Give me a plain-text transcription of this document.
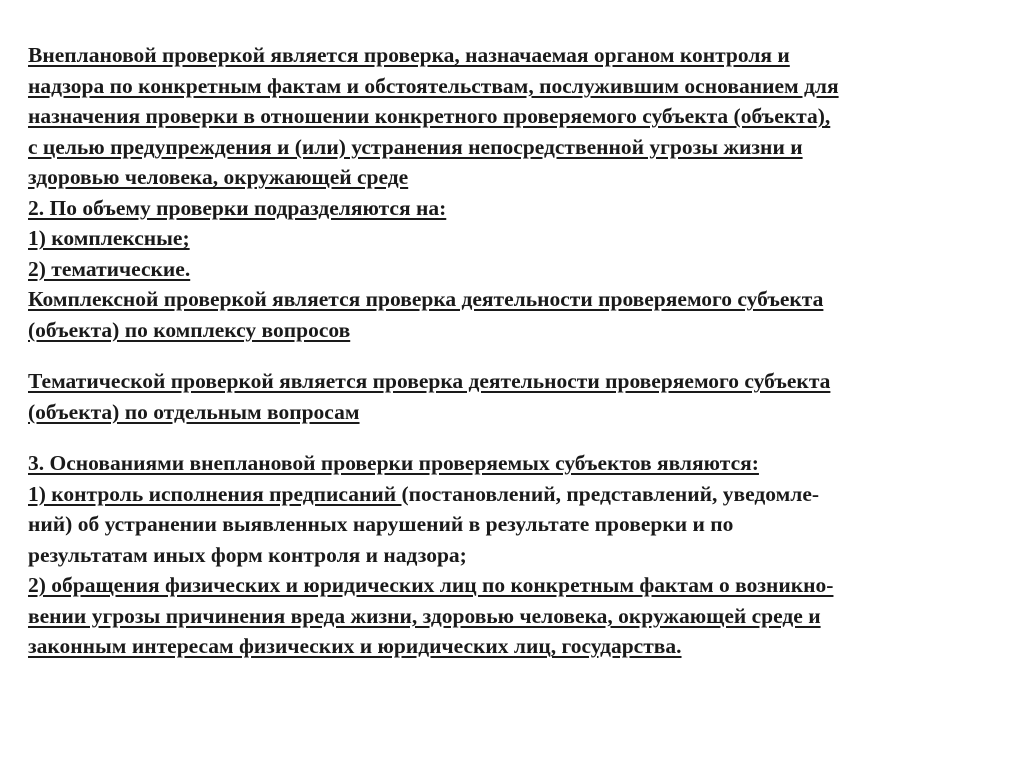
Внеплановой проверкой является проверка, назначаемая органом контроля и
надзора по конкретным фактам и обстоятельствам, послужившим основанием для
назначения проверки в отношении конкретного проверяемого субъекта (объекта),
с целью предупреждения и (или) устранения непосредственной угрозы жизни и
здоровью человека, окружающей среде
2. По объему проверки подразделяются на:
1) комплексные;
2) тематические.
Комплексной проверкой является проверка деятельности проверяемого субъекта
(объекта) по комплексу вопросов
Тематической проверкой является проверка деятельности проверяемого субъекта
(объекта) по отдельным вопросам
3. Основаниями внеплановой проверки проверяемых субъектов являются:
1) контроль исполнения предписаний (постановлений, представлений, уведомле-
ний) об устранении выявленных нарушений в результате проверки и по
результатам иных форм контроля и надзора;
2) обращения физических и юридических лиц по конкретным фактам о возникно-
вении угрозы причинения вреда жизни, здоровью человека, окружающей среде и
законным интересам физических и юридических лиц, государства.
